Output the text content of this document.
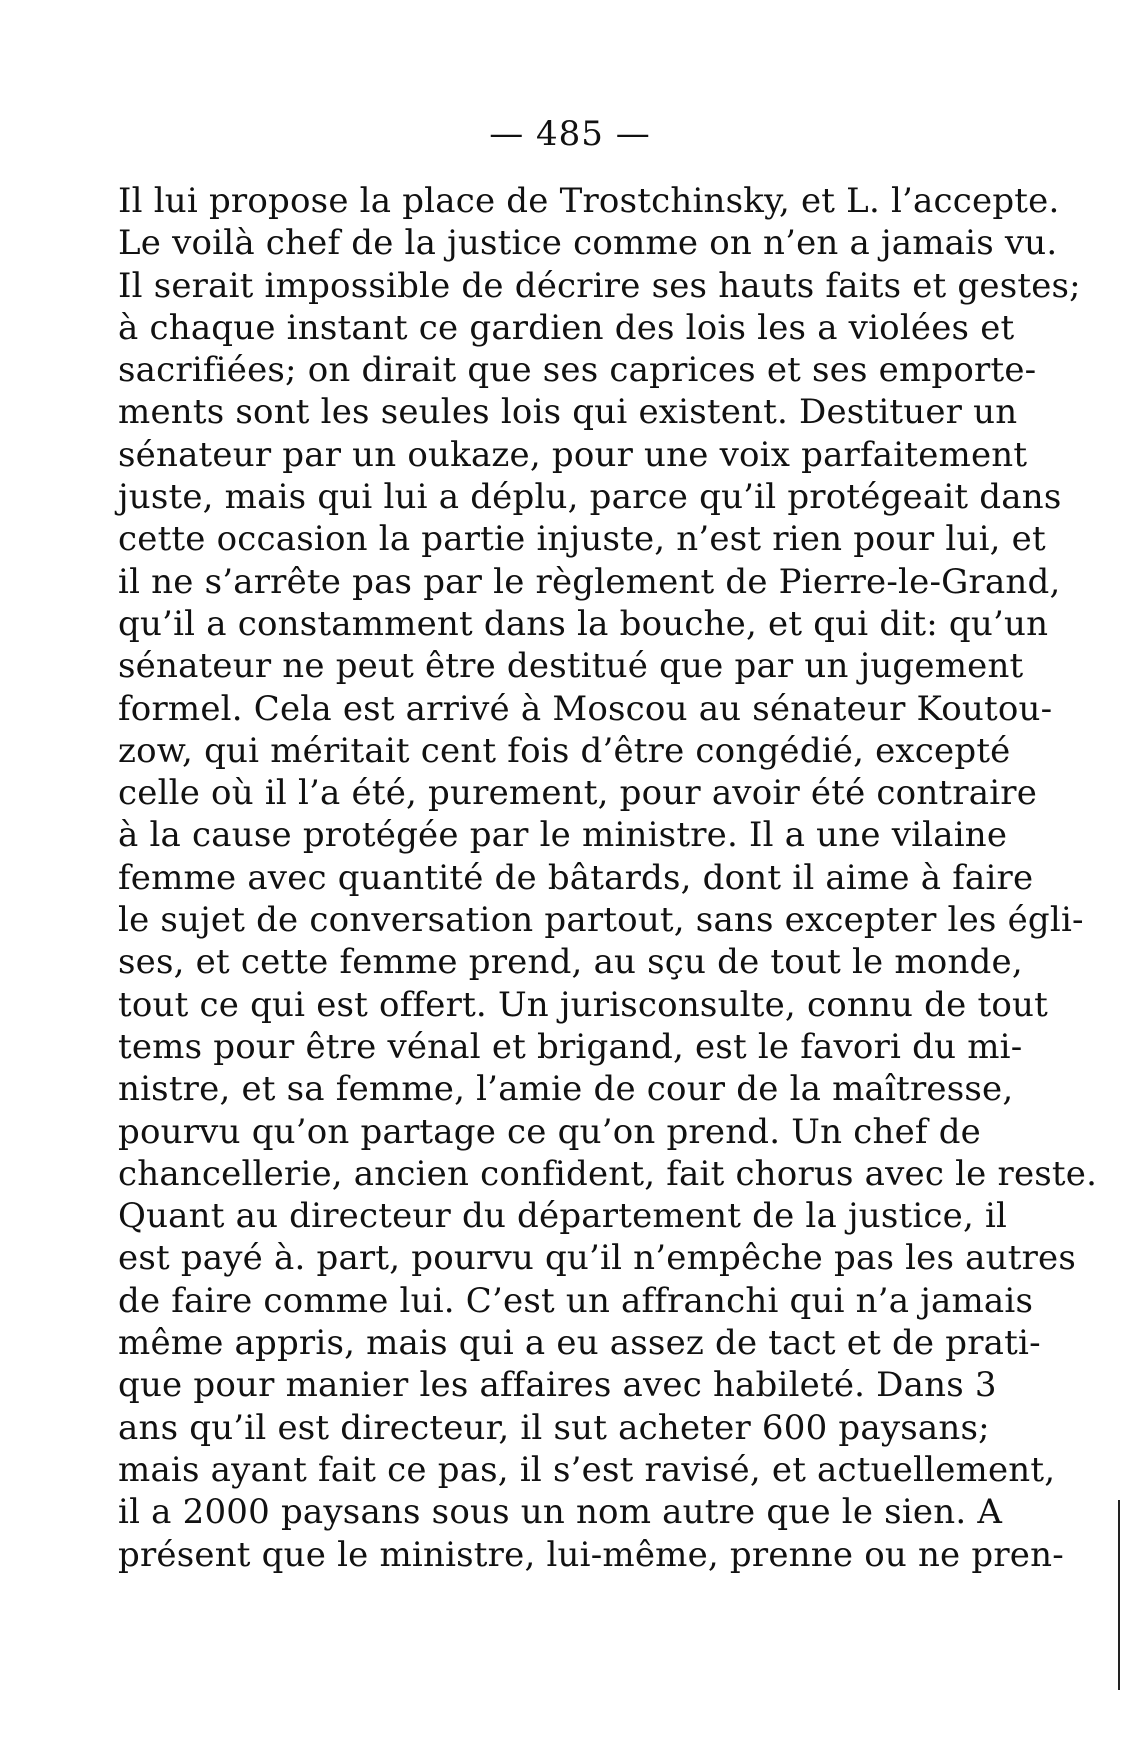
— 485 —
Il lui propose la place de Trostchinsky, et L. l’accepte.
Le voilà chef de la justice comme on n’en a jamais vu.
Il serait impossible de décrire ses hauts faits et gestes;
à chaque instant ce gardien des lois les a violées et
sacrifiées; on dirait que ses caprices et ses emporte-
ments sont les seules lois qui existent. Destituer un
sénateur par un oukaze, pour une voix parfaitement
juste, mais qui lui a déplu, parce qu’il protégeait dans
cette occasion la partie injuste, n’est rien pour lui, et
il ne s’arrête pas par le règlement de Pierre-le-Grand,
qu’il a constamment dans la bouche, et qui dit: qu’un
sénateur ne peut être destitué que par un jugement
formel. Cela est arrivé à Moscou au sénateur Koutou-
zow, qui méritait cent fois d’être congédié, excepté
celle où il l’a été, purement, pour avoir été contraire
à la cause protégée par le ministre. Il a une vilaine
femme avec quantité de bâtards, dont il aime à faire
le sujet de conversation partout, sans excepter les égli-
ses, et cette femme prend, au sçu de tout le monde,
tout ce qui est offert. Un jurisconsulte, connu de tout
tems pour être vénal et brigand, est le favori du mi-
nistre, et sa femme, l’amie de cour de la maîtresse,
pourvu qu’on partage ce qu’on prend. Un chef de
chancellerie, ancien confident, fait chorus avec le reste.
Quant au directeur du département de la justice, il
est payé à. part, pourvu qu’il n’empêche pas les autres
de faire comme lui. C’est un affranchi qui n’a jamais
même appris, mais qui a eu assez de tact et de prati-
que pour manier les affaires avec habileté. Dans 3
ans qu’il est directeur, il sut acheter 600 paysans;
mais ayant fait ce pas, il s’est ravisé, et actuellement,
il a 2000 paysans sous un nom autre que le sien. A
présent que le ministre, lui-même, prenne ou ne pren-
